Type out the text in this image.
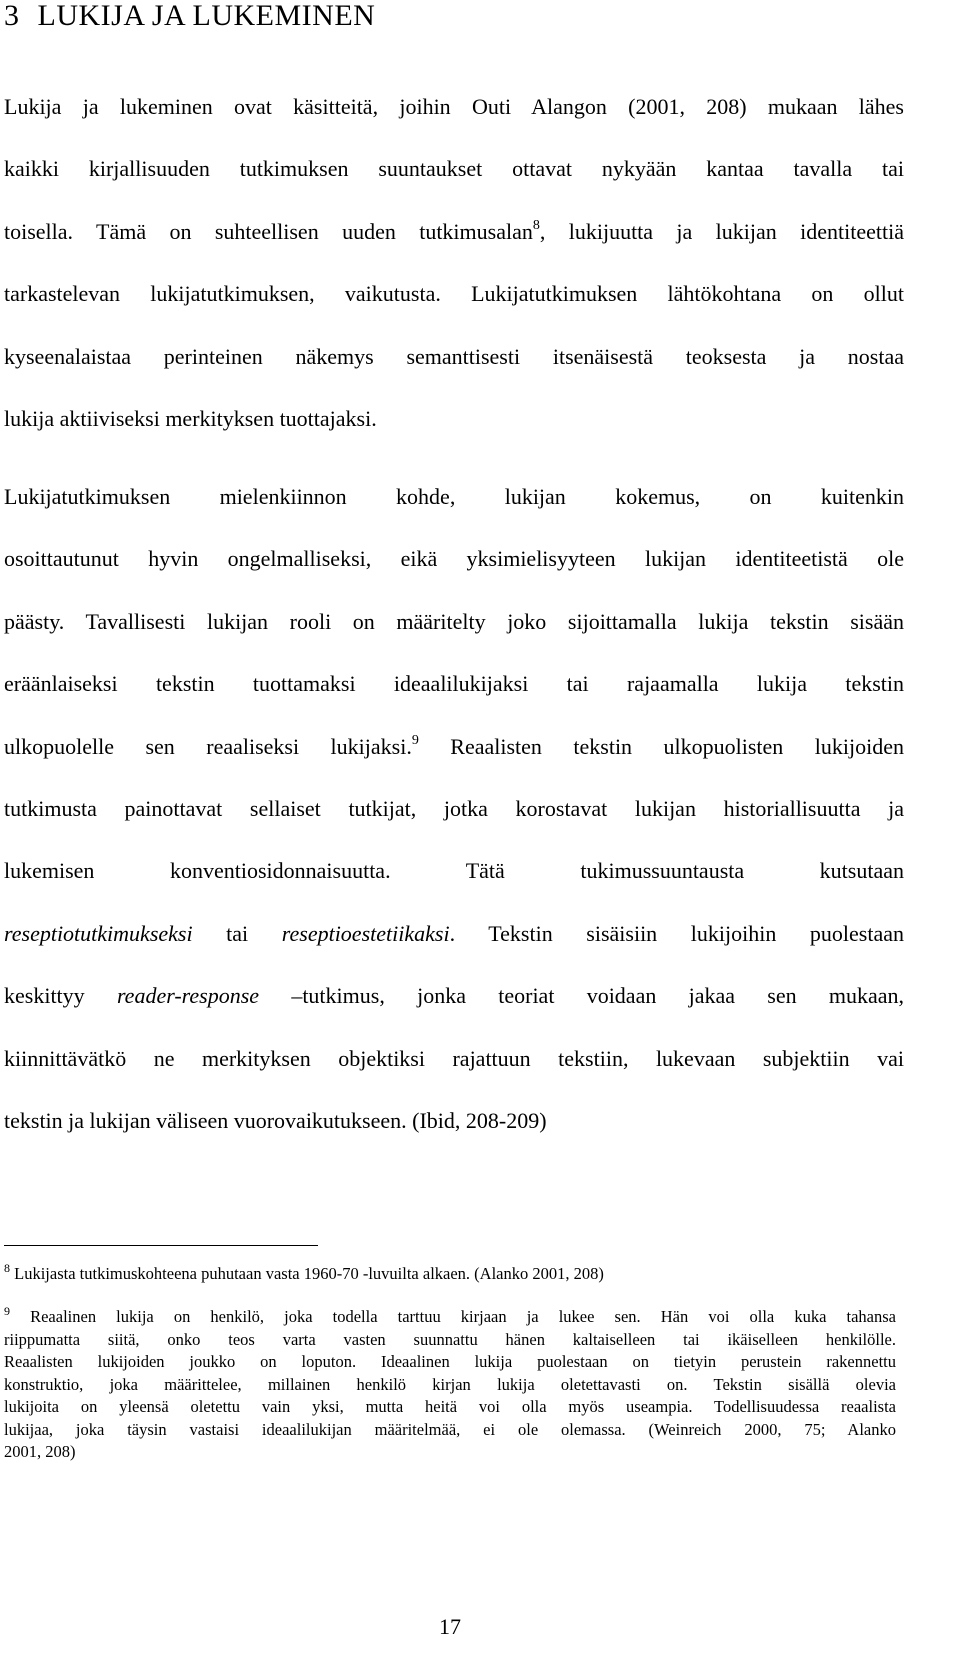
3 LUKIJA JA LUKEMINEN

Lukija ja lukeminen ovat käsitteitä, joihin Outi Alangon (2001, 208) mukaan lähes
kaikki kirjallisuuden tutkimuksen suuntaukset ottavat nykyään kantaa tavalla tai
toisella. Tämä on suhteellisen uuden tutkimusalan$^8$, lukijuutta ja lukijan identiteettiä
tarkastelevan lukijatutkimuksen, vaikutusta. Lukijatutkimuksen lähtökohtana on ollut
kyseenalaistaa perinteinen näkemys semanttisesti itsenäisestä teoksesta ja nostaa
lukija aktiiviseksi merkityksen tuottajaksi.

Lukijatutkimuksen mielenkiinnon kohde, lukijan kokemus, on kuitenkin
osoittautunut hyvin ongelmalliseksi, eikä yksimielisyyteen lukijan identiteetistä ole
päästy. Tavallisesti lukijan rooli on määritelty joko sijoittamalla lukija tekstin sisään
eräänlaiseksi tekstin tuottamaksi ideaalilukijaksi tai rajaamalla lukija tekstin
ulkopuolelle sen reaaliseksi lukijaksi.$^9$ Reaalisten tekstin ulkopuolisten lukijoiden
tutkimusta painottavat sellaiset tutkijat, jotka korostavat lukijan historiallisuutta ja
lukemisen konventiosidonnaisuutta. Tätä tukimussuuntausta kutsutaan
reseptiotutkimukseksi tai reseptioestetiikaksi. Tekstin sisäisiin lukijoihin puolestaan
keskittyy reader-response –tutkimus, jonka teoriat voidaan jakaa sen mukaan,
kiinnittävätkö ne merkityksen objektiksi rajattuun tekstiin, lukevaan subjektiin vai
tekstin ja lukijan väliseen vuorovaikutukseen. (Ibid, 208-209)

$^8$ Lukijasta tutkimuskohteena puhutaan vasta 1960-70 -luvuilta alkaen. (Alanko 2001, 208)

$^9$ Reaalinen lukija on henkilö, joka todella tarttuu kirjaan ja lukee sen. Hän voi olla kuka tahansa
riippumatta siitä, onko teos varta vasten suunnattu hänen kaltaiselleen tai ikäiselleen henkilölle.
Reaalisten lukijoiden joukko on loputon. Ideaalinen lukija puolestaan on tietyin perustein rakennettu
konstruktio, joka määrittelee, millainen henkilö kirjan lukija oletettavasti on. Tekstin sisällä olevia
lukijoita on yleensä oletettu vain yksi, mutta heitä voi olla myös useampia. Todellisuudessa reaalista
lukijaa, joka täysin vastaisi ideaalilukijan määritelmää, ei ole olemassa. (Weinreich 2000, 75; Alanko
2001, 208)

17
